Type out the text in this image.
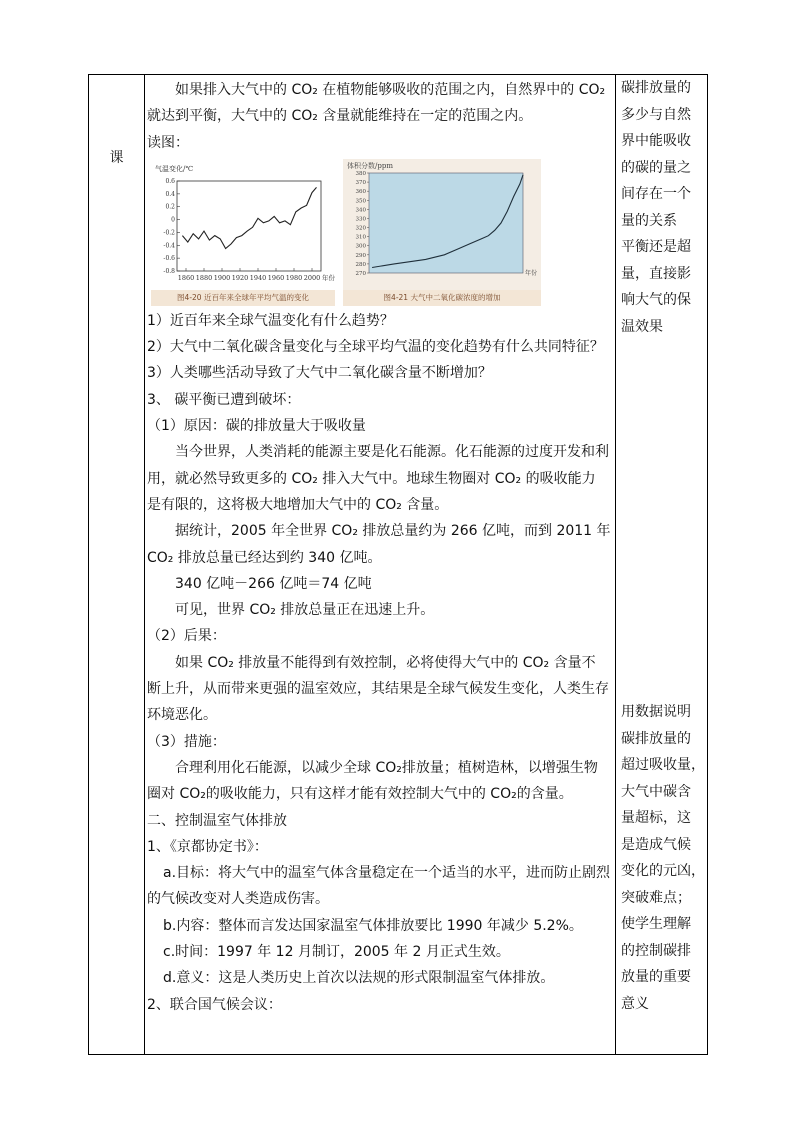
课

如果排入大气中的 CO₂ 在植物能够吸收的范围之内，自然界中的 CO₂

就达到平衡，大气中的 CO₂ 含量就能维持在一定的范围之内。

读图：

气温变化/℃
0.6
0.4
0.2
0
-0.2
-0.4
-0.6
-0.8
1860 1880 1900 1920 1940 1960 1980 2000 年份
图4-20 近百年来全球年平均气温的变化
体积分数/ppm
380
370
360
350
340
330
320
310
300
290
280
270	年份
图4-21 大气中二氧化碳浓度的增加

1）近百年来全球气温变化有什么趋势？

2）大气中二氧化碳含量变化与全球平均气温的变化趋势有什么共同特征？

3）人类哪些活动导致了大气中二氧化碳含量不断增加？

3、 碳平衡已遭到破坏：

（1）原因：碳的排放量大于吸收量

当今世界，人类消耗的能源主要是化石能源。化石能源的过度开发和利

用，就必然导致更多的 CO₂ 排入大气中。地球生物圈对 CO₂ 的吸收能力

是有限的，这将极大地增加大气中的 CO₂ 含量。

据统计，2005 年全世界 CO₂ 排放总量约为 266 亿吨，而到 2011 年

CO₂ 排放总量已经达到约 340 亿吨。

340 亿吨－266 亿吨＝74 亿吨

可见，世界 CO₂ 排放总量正在迅速上升。

（2）后果：

如果 CO₂ 排放量不能得到有效控制，必将使得大气中的 CO₂ 含量不

断上升，从而带来更强的温室效应，其结果是全球气候发生变化，人类生存

环境恶化。

（3）措施：

合理利用化石能源，以减少全球 CO₂排放量；植树造林，以增强生物

圈对 CO₂的吸收能力，只有这样才能有效控制大气中的 CO₂的含量。

二、控制温室气体排放

1、《京都协定书》：

a.目标：将大气中的温室气体含量稳定在一个适当的水平，进而防止剧烈

的气候改变对人类造成伤害。

b.内容：整体而言发达国家温室气体排放要比 1990 年减少 5.2%。

c.时间：1997 年 12 月制订，2005 年 2 月正式生效。

d.意义：这是人类历史上首次以法规的形式限制温室气体排放。

2、联合国气候会议：

碳排放量的

多少与自然

界中能吸收

的碳的量之

间存在一个

量的关系

平衡还是超

量，直接影

响大气的保

温效果

用数据说明

碳排放量的

超过吸收量，

大气中碳含

量超标，这

是造成气候

变化的元凶，

突破难点；

使学生理解

的控制碳排

放量的重要

意义
